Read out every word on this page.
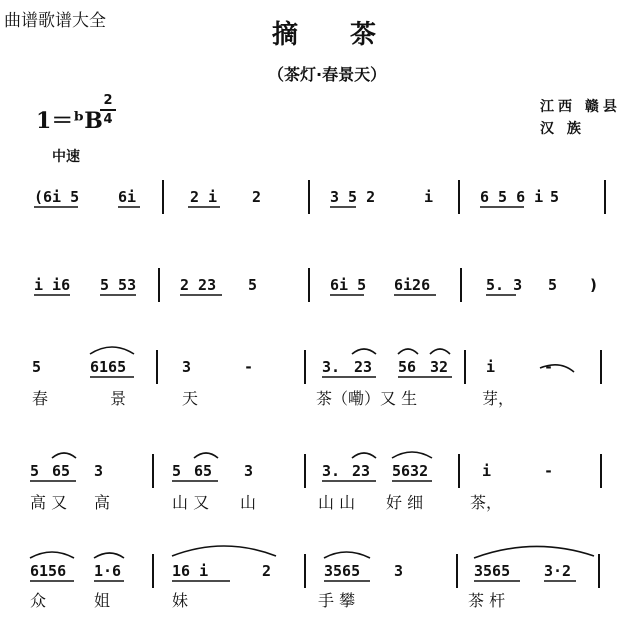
曲谱歌谱大全	摘茶
（茶灯·春景天）
1＝ᵇB
2
4
江西 赣县
汉 族
中速
(6i 5	6i	2 i 2	3 5 2	i	6 5 6 i 5
i i6 5 53	2 23 5	6i 5 6i26	5. 3 5 )
5	6165	3	-	3. 23 56 32	i	-
春	景	天	茶（嘞）又 生	芽，
5 65 3	5 65 3	3. 23 5632	i	-
高 又 高	山 又 山	山 山 好 细	茶，
6156 1·6	16 i	2	3565 3	3565 3·2
众	姐	妹	手 攀	茶 杆
